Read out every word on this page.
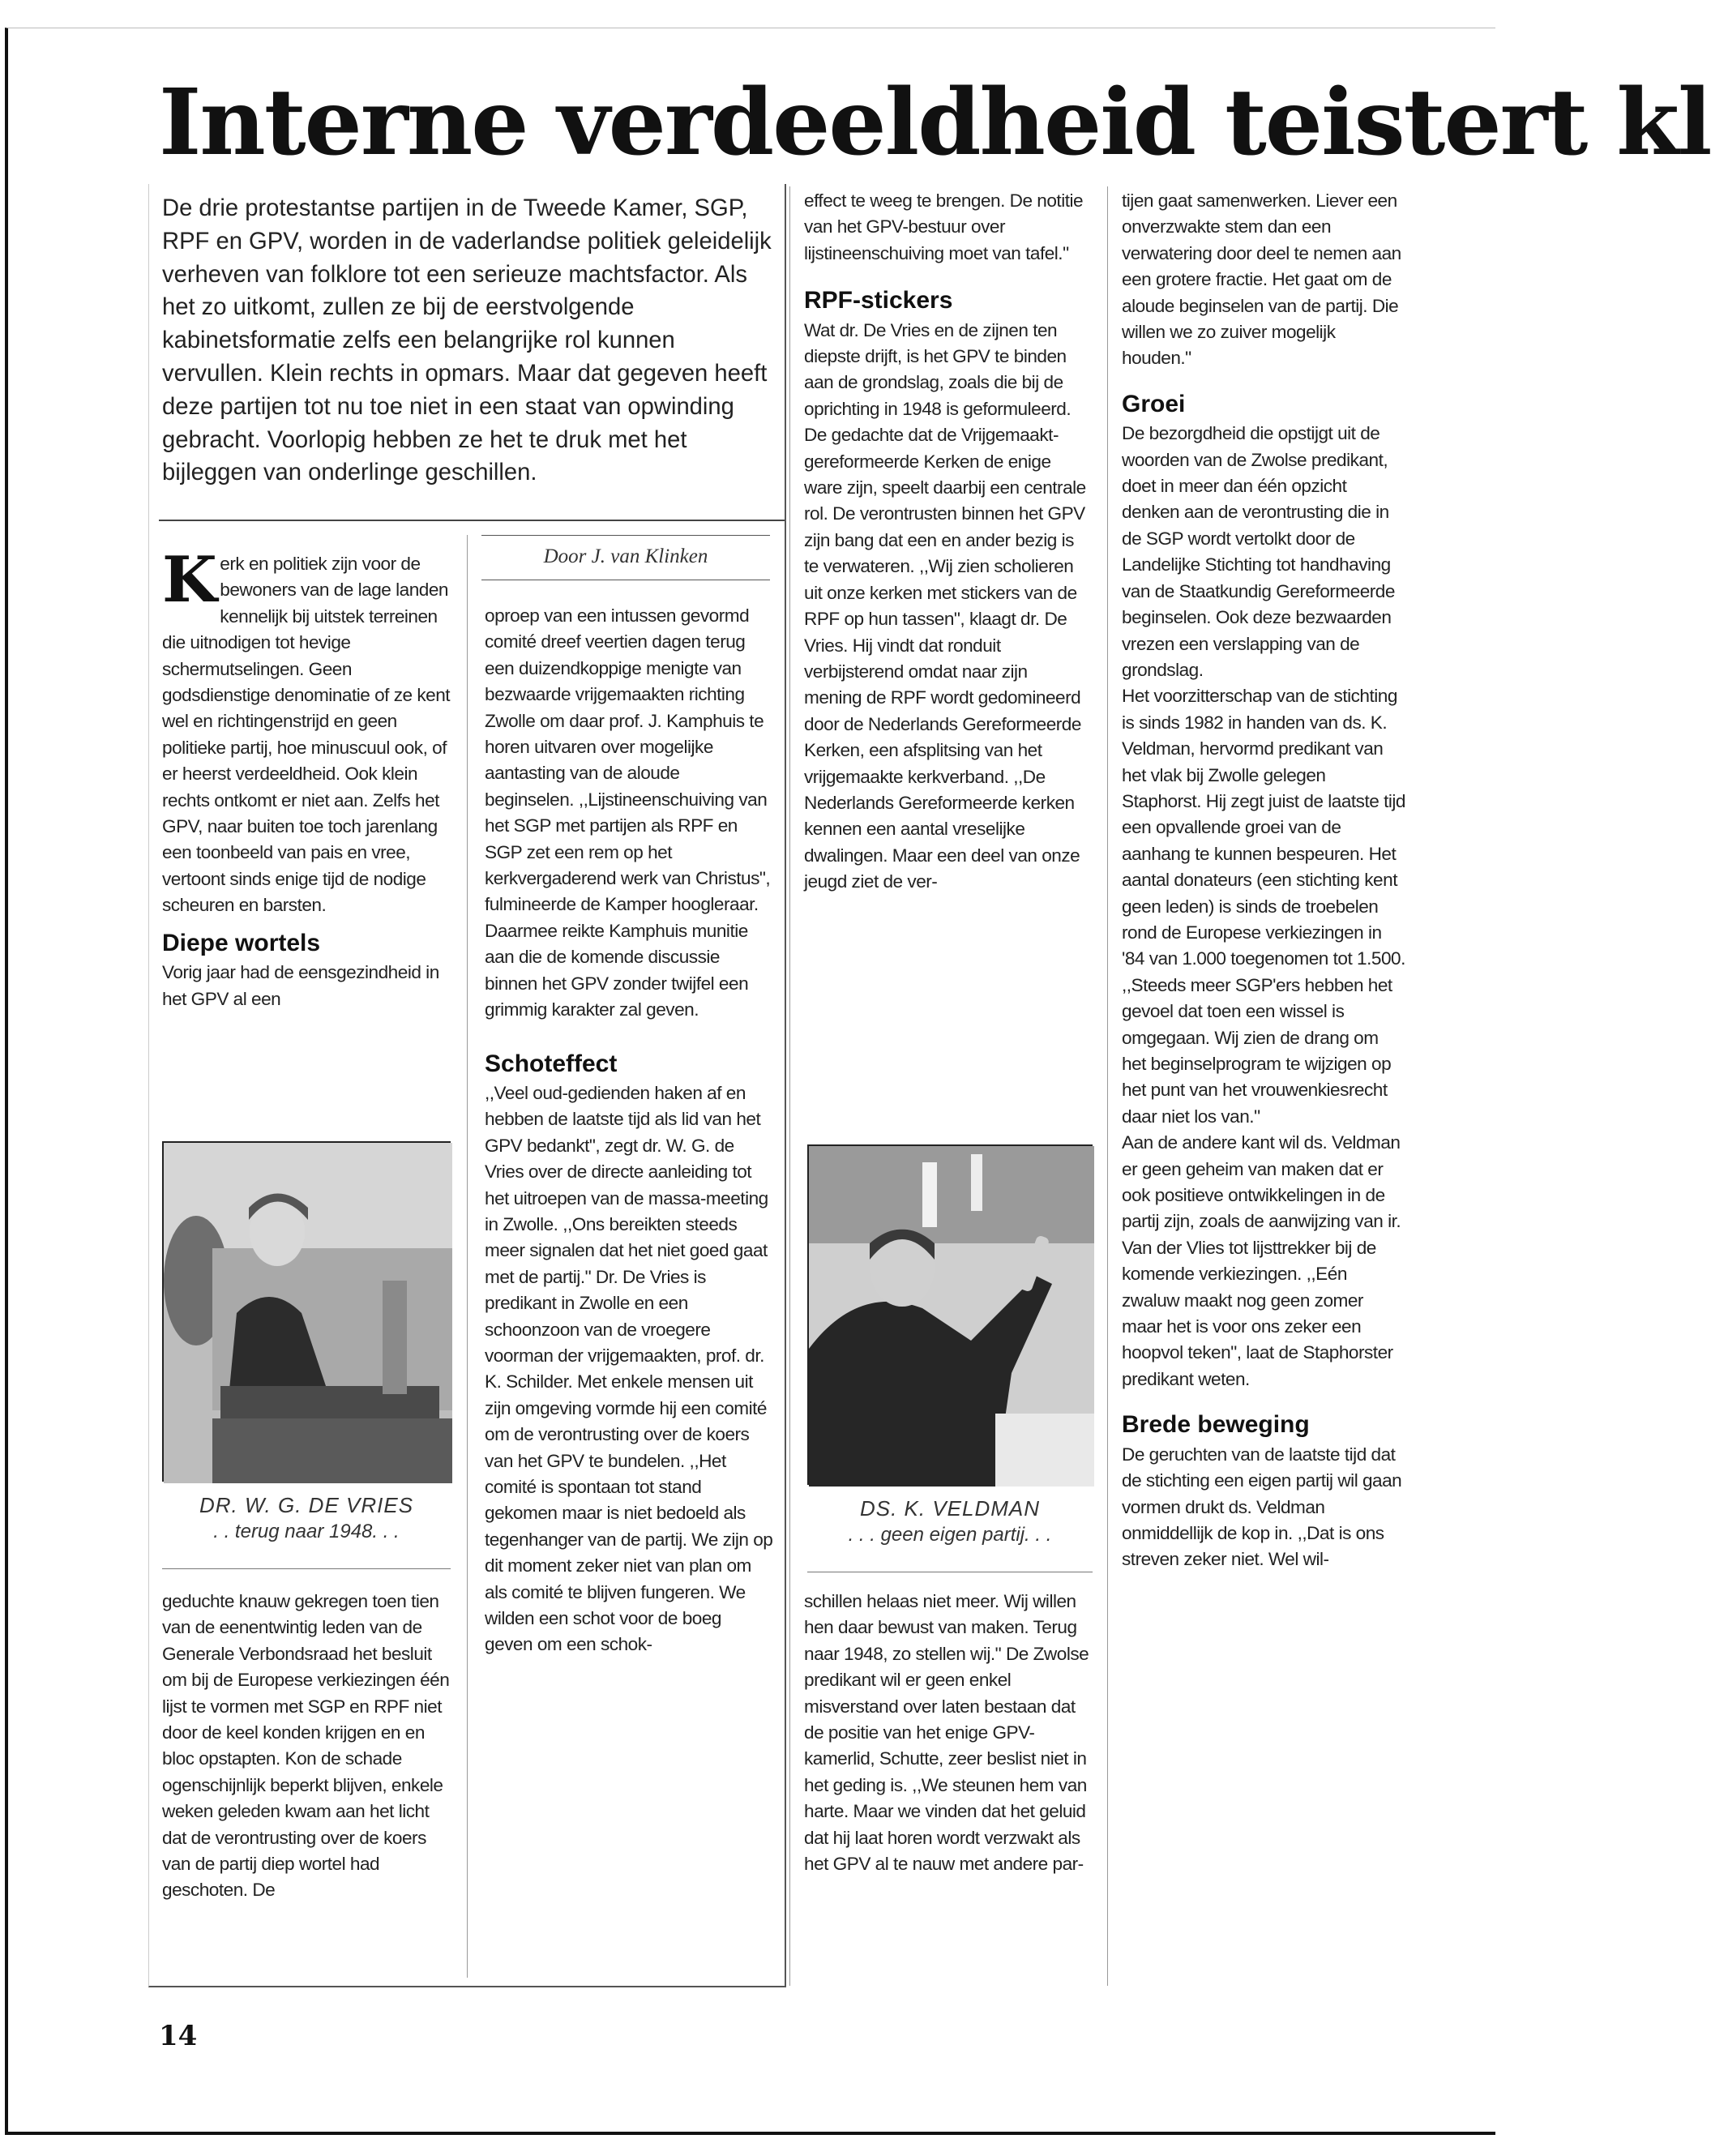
Interne verdeeldheid teistert kl
De drie protestantse partijen in de Tweede Kamer, SGP, RPF en GPV, worden in de vaderlandse politiek geleidelijk verheven van folklore tot een serieuze machtsfactor. Als het zo uitkomt, zullen ze bij de eerstvolgende kabinetsformatie zelfs een belangrijke rol kunnen vervullen. Klein rechts in opmars. Maar dat gegeven heeft deze partijen tot nu toe niet in een staat van opwinding gebracht. Voorlopig hebben ze het te druk met het bijleggen van onderlinge geschillen.

Kerk en politiek zijn voor de bewoners van de lage landen kennelijk bij uitstek terreinen die uitnodigen tot hevige schermutselingen. Geen godsdienstige denominatie of ze kent wel en richtingenstrijd en geen politieke partij, hoe minuscuul ook, of er heerst verdeeldheid. Ook klein rechts ontkomt er niet aan. Zelfs het GPV, naar buiten toe toch jarenlang een toonbeeld van pais en vree, vertoont sinds enige tijd de nodige scheuren en barsten.

Diepe wortels

Vorig jaar had de eensgezindheid in het GPV al een

DR. W. G. DE VRIES
. . terug naar 1948. . .

geduchte knauw gekregen toen tien van de eenentwintig leden van de Generale Verbondsraad het besluit om bij de Europese verkiezingen één lijst te vormen met SGP en RPF niet door de keel konden krijgen en en bloc opstapten. Kon de schade ogenschijnlijk beperkt blijven, enkele weken geleden kwam aan het licht dat de verontrusting over de koers van de partij diep wortel had geschoten. De

Door J. van Klinken

oproep van een intussen gevormd comité dreef veertien dagen terug een duizendkoppige menigte van bezwaarde vrijgemaakten richting Zwolle om daar prof. J. Kamphuis te horen uitvaren over mogelijke aantasting van de aloude beginselen. ,,Lijstineenschuiving van het SGP met partijen als RPF en SGP zet een rem op het kerkvergaderend werk van Christus", fulmineerde de Kamper hoogleraar. Daarmee reikte Kamphuis munitie aan die de komende discussie binnen het GPV zonder twijfel een grimmig karakter zal geven.

Schoteffect

,,Veel oud-gedienden haken af en hebben de laatste tijd als lid van het GPV bedankt", zegt dr. W. G. de Vries over de directe aanleiding tot het uitroepen van de massa-meeting in Zwolle. ,,Ons bereikten steeds meer signalen dat het niet goed gaat met de partij." Dr. De Vries is predikant in Zwolle en een schoonzoon van de vroegere voorman der vrijgemaakten, prof. dr. K. Schilder. Met enkele mensen uit zijn omgeving vormde hij een comité om de verontrusting over de koers van het GPV te bundelen. ,,Het comité is spontaan tot stand gekomen maar is niet bedoeld als tegenhanger van de partij. We zijn op dit moment zeker niet van plan om als comité te blijven fungeren. We wilden een schot voor de boeg geven om een schok-

effect te weeg te brengen. De notitie van het GPV-bestuur over lijstineenschuiving moet van tafel."

RPF-stickers

Wat dr. De Vries en de zijnen ten diepste drijft, is het GPV te binden aan de grondslag, zoals die bij de oprichting in 1948 is geformuleerd. De gedachte dat de Vrijgemaakt-gereformeerde Kerken de enige ware zijn, speelt daarbij een centrale rol. De verontrusten binnen het GPV zijn bang dat een en ander bezig is te verwateren. ,,Wij zien scholieren uit onze kerken met stickers van de RPF op hun tassen", klaagt dr. De Vries. Hij vindt dat ronduit verbijsterend omdat naar zijn mening de RPF wordt gedomineerd door de Nederlands Gereformeerde Kerken, een afsplitsing van het vrijgemaakte kerkverband. ,,De Nederlands Gereformeerde kerken kennen een aantal vreselijke dwalingen. Maar een deel van onze jeugd ziet de ver-

DS. K. VELDMAN
. . . geen eigen partij. . .

schillen helaas niet meer. Wij willen hen daar bewust van maken. Terug naar 1948, zo stellen wij." De Zwolse predikant wil er geen enkel misverstand over laten bestaan dat de positie van het enige GPV-kamerlid, Schutte, zeer beslist niet in het geding is. ,,We steunen hem van harte. Maar we vinden dat het geluid dat hij laat horen wordt verzwakt als het GPV al te nauw met andere par-

tijen gaat samenwerken. Liever een onverzwakte stem dan een verwatering door deel te nemen aan een grotere fractie. Het gaat om de aloude beginselen van de partij. Die willen we zo zuiver mogelijk houden."

Groei

De bezorgdheid die opstijgt uit de woorden van de Zwolse predikant, doet in meer dan één opzicht denken aan de verontrusting die in de SGP wordt vertolkt door de Landelijke Stichting tot handhaving van de Staatkundig Gereformeerde beginselen. Ook deze bezwaarden vrezen een verslapping van de grondslag.

Het voorzitterschap van de stichting is sinds 1982 in handen van ds. K. Veldman, hervormd predikant van het vlak bij Zwolle gelegen Staphorst. Hij zegt juist de laatste tijd een opvallende groei van de aanhang te kunnen bespeuren. Het aantal donateurs (een stichting kent geen leden) is sinds de troebelen rond de Europese verkiezingen in '84 van 1.000 toegenomen tot 1.500. ,,Steeds meer SGP'ers hebben het gevoel dat toen een wissel is omgegaan. Wij zien de drang om het beginselprogram te wijzigen op het punt van het vrouwenkiesrecht daar niet los van."

Aan de andere kant wil ds. Veldman er geen geheim van maken dat er ook positieve ontwikkelingen in de partij zijn, zoals de aanwijzing van ir. Van der Vlies tot lijsttrekker bij de komende verkiezingen. ,,Eén zwaluw maakt nog geen zomer maar het is voor ons zeker een hoopvol teken", laat de Staphorster predikant weten.

Brede beweging

De geruchten van de laatste tijd dat de stichting een eigen partij wil gaan vormen drukt ds. Veldman onmiddellijk de kop in. ,,Dat is ons streven zeker niet. Wel wil-

14
